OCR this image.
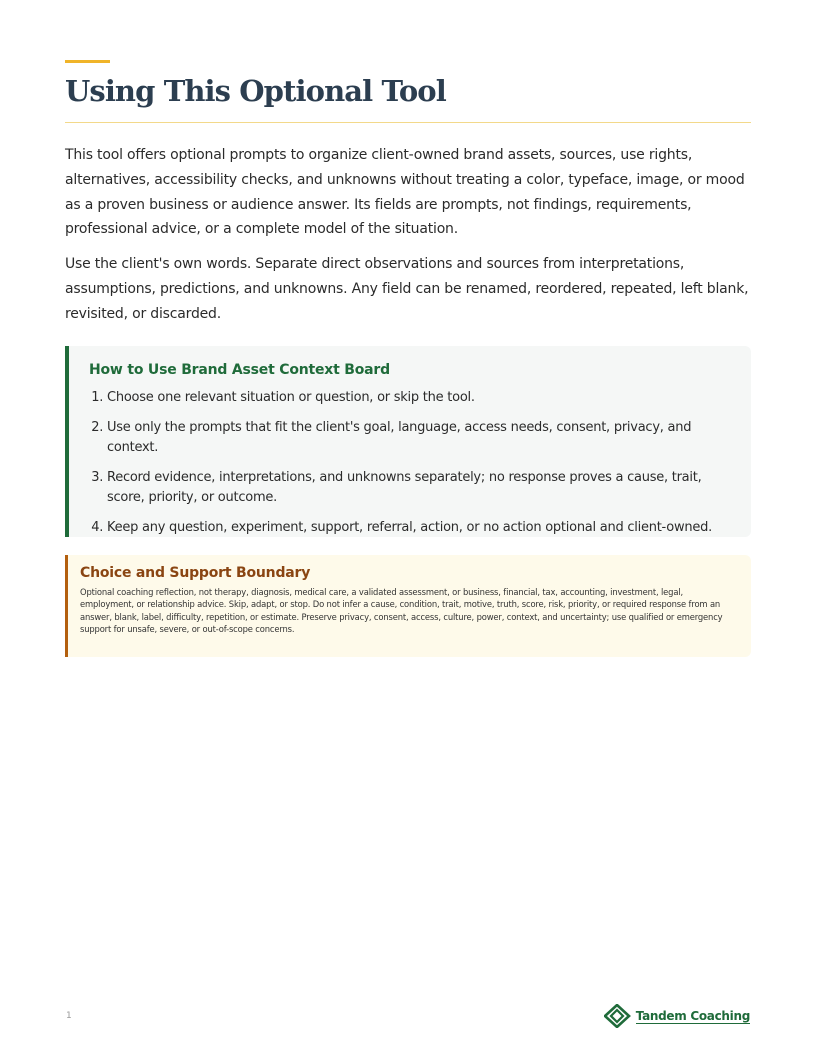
Using This Optional Tool

This tool offers optional prompts to organize client-owned brand assets, sources, use rights, alternatives, accessibility checks, and unknowns without treating a color, typeface, image, or mood as a proven business or audience answer. Its fields are prompts, not findings, requirements, professional advice, or a complete model of the situation.

Use the client's own words. Separate direct observations and sources from interpretations, assumptions, predictions, and unknowns. Any field can be renamed, reordered, repeated, left blank, revisited, or discarded.

How to Use Brand Asset Context Board
1. Choose one relevant situation or question, or skip the tool.
2. Use only the prompts that fit the client's goal, language, access needs, consent, privacy, and context.
3. Record evidence, interpretations, and unknowns separately; no response proves a cause, trait, score, priority, or outcome.
4. Keep any question, experiment, support, referral, action, or no action optional and client-owned.
Choice and Support Boundary

Optional coaching reflection, not therapy, diagnosis, medical care, a validated assessment, or business, financial, tax, accounting, investment, legal, employment, or relationship advice. Skip, adapt, or stop. Do not infer a cause, condition, trait, motive, truth, score, risk, priority, or required response from an answer, blank, label, difficulty, repetition, or estimate. Preserve privacy, consent, access, culture, power, context, and uncertainty; use qualified or emergency support for unsafe, severe, or out-of-scope concerns.

1	Tandem Coaching
